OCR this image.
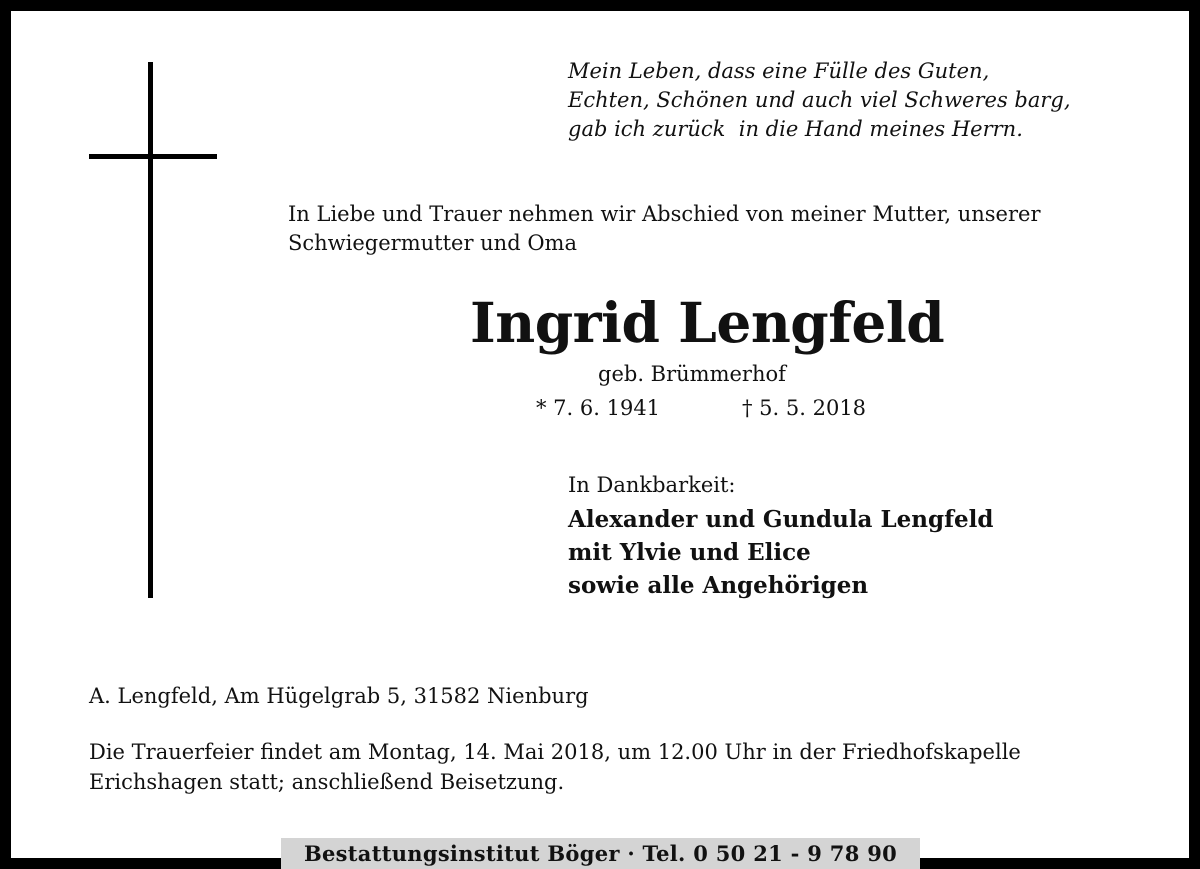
Mein Leben, dass eine Fülle des Guten,
Echten, Schönen und auch viel Schweres barg,
gab ich zurück  in die Hand meines Herrn.
In Liebe und Trauer nehmen wir Abschied von meiner Mutter, unserer Schwiegermutter und Oma
Ingrid Lengfeld
geb. Brümmerhof
* 7. 6. 1941	† 5. 5. 2018
In Dankbarkeit:
Alexander und Gundula Lengfeld
mit Ylvie und Elice
sowie alle Angehörigen
A. Lengfeld, Am Hügelgrab 5, 31582 Nienburg
Die Trauerfeier findet am Montag, 14. Mai 2018, um 12.00 Uhr in der Friedhofskapelle Erichshagen statt; anschließend Beisetzung.
Bestattungsinstitut Böger · Tel. 0 50 21 - 9 78 90
